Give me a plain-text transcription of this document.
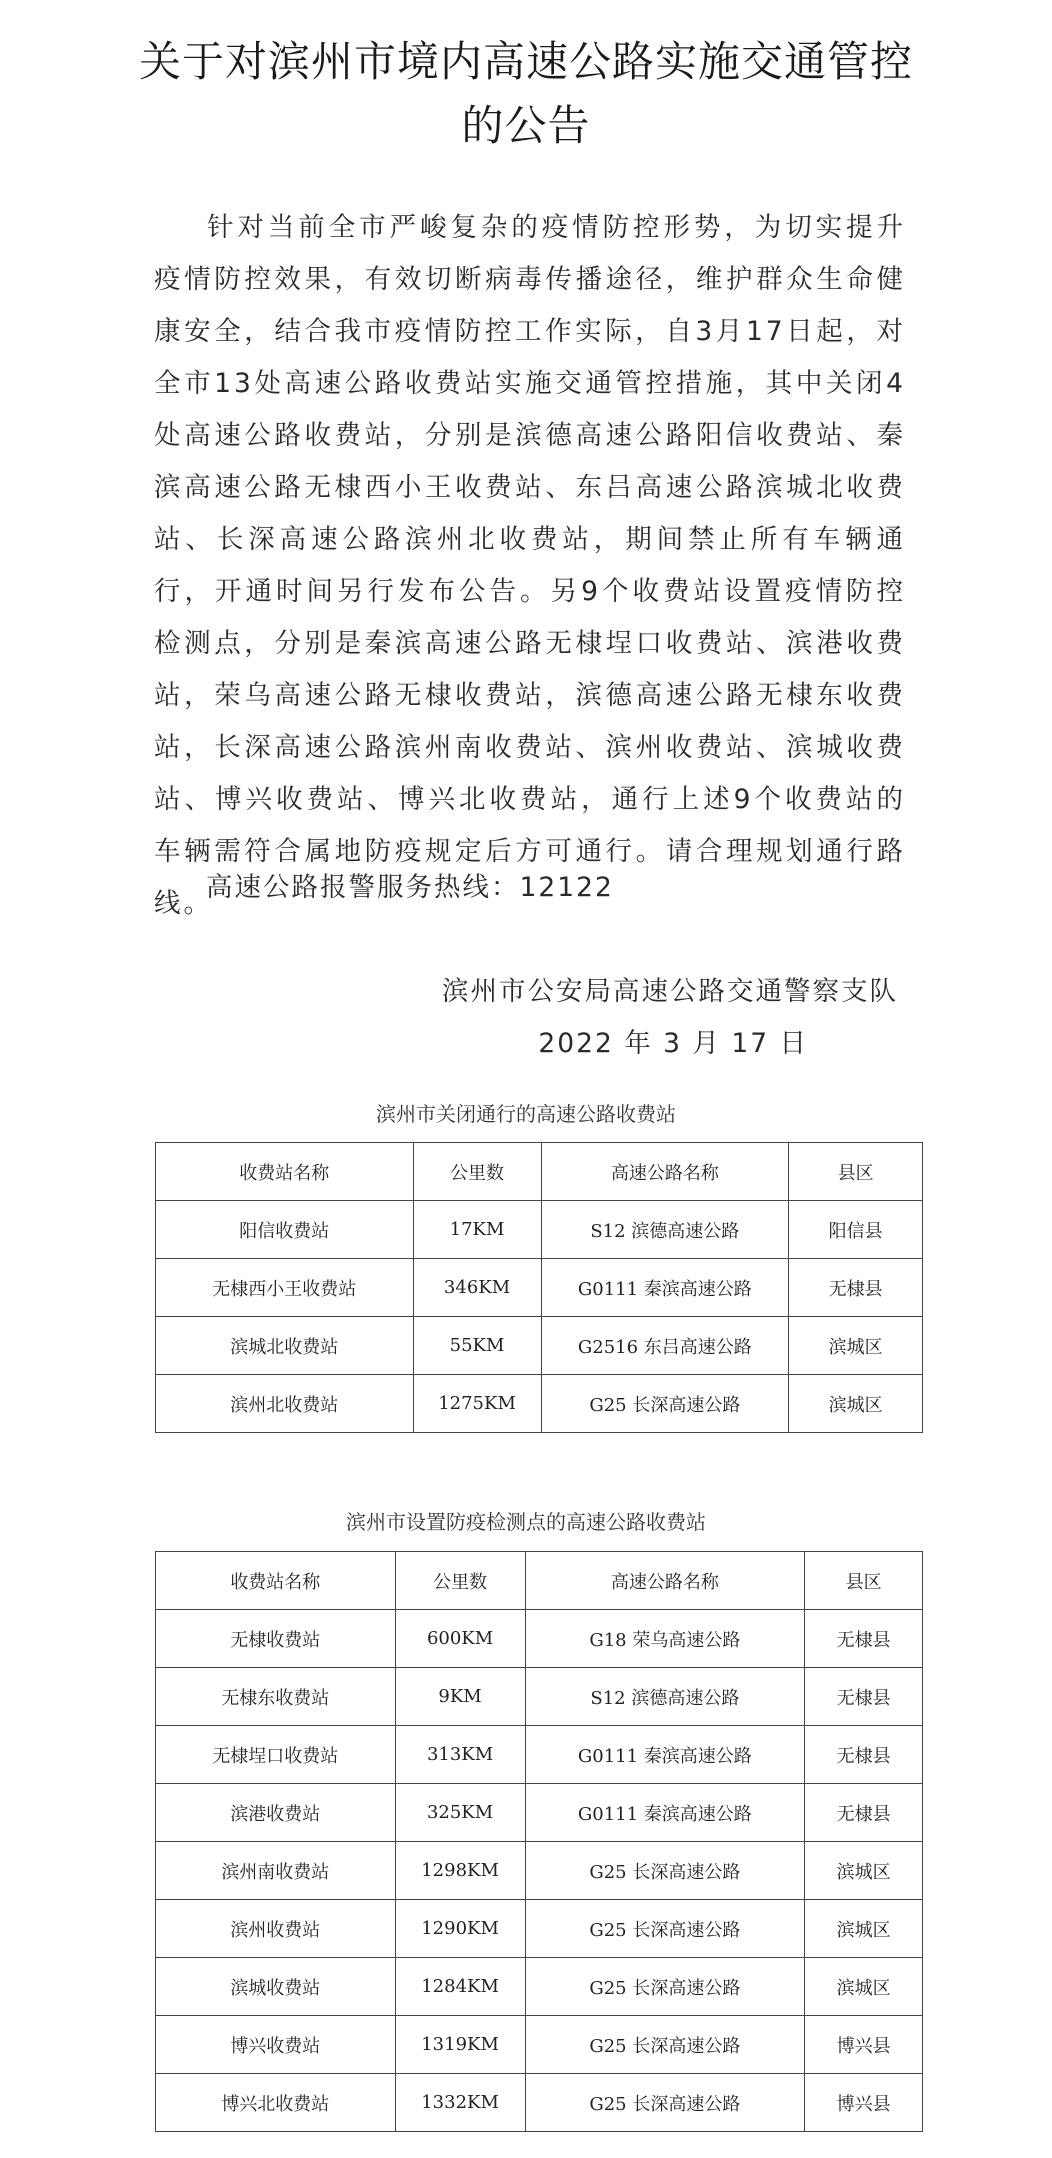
关于对滨州市境内高速公路实施交通管控
的公告

针对当前全市严峻复杂的疫情防控形势，为切实提升疫情防控效果，有效切断病毒传播途径，维护群众生命健康安全，结合我市疫情防控工作实际，自3月17日起，对全市13处高速公路收费站实施交通管控措施，其中关闭4处高速公路收费站，分别是滨德高速公路阳信收费站、秦滨高速公路无棣西小王收费站、东吕高速公路滨城北收费站、长深高速公路滨州北收费站，期间禁止所有车辆通行，开通时间另行发布公告。另9个收费站设置疫情防控检测点，分别是秦滨高速公路无棣埕口收费站、滨港收费站，荣乌高速公路无棣收费站，滨德高速公路无棣东收费站，长深高速公路滨州南收费站、滨州收费站、滨城收费站、博兴收费站、博兴北收费站，通行上述9个收费站的车辆需符合属地防疫规定后方可通行。请合理规划通行路线。

高速公路报警服务热线：12122
滨州市公安局高速公路交通警察支队
2022 年 3 月 17 日
滨州市关闭通行的高速公路收费站
收费站名称	公里数	高速公路名称	县区
阳信收费站	17KM	S12 滨德高速公路	阳信县
无棣西小王收费站	346KM	G0111 秦滨高速公路	无棣县
滨城北收费站	55KM	G2516 东吕高速公路	滨城区
滨州北收费站	1275KM	G25 长深高速公路	滨城区
滨州市设置防疫检测点的高速公路收费站
收费站名称	公里数	高速公路名称	县区
无棣收费站	600KM	G18 荣乌高速公路	无棣县
无棣东收费站	9KM	S12 滨德高速公路	无棣县
无棣埕口收费站	313KM	G0111 秦滨高速公路	无棣县
滨港收费站	325KM	G0111 秦滨高速公路	无棣县
滨州南收费站	1298KM	G25 长深高速公路	滨城区
滨州收费站	1290KM	G25 长深高速公路	滨城区
滨城收费站	1284KM	G25 长深高速公路	滨城区
博兴收费站	1319KM	G25 长深高速公路	博兴县
博兴北收费站	1332KM	G25 长深高速公路	博兴县
